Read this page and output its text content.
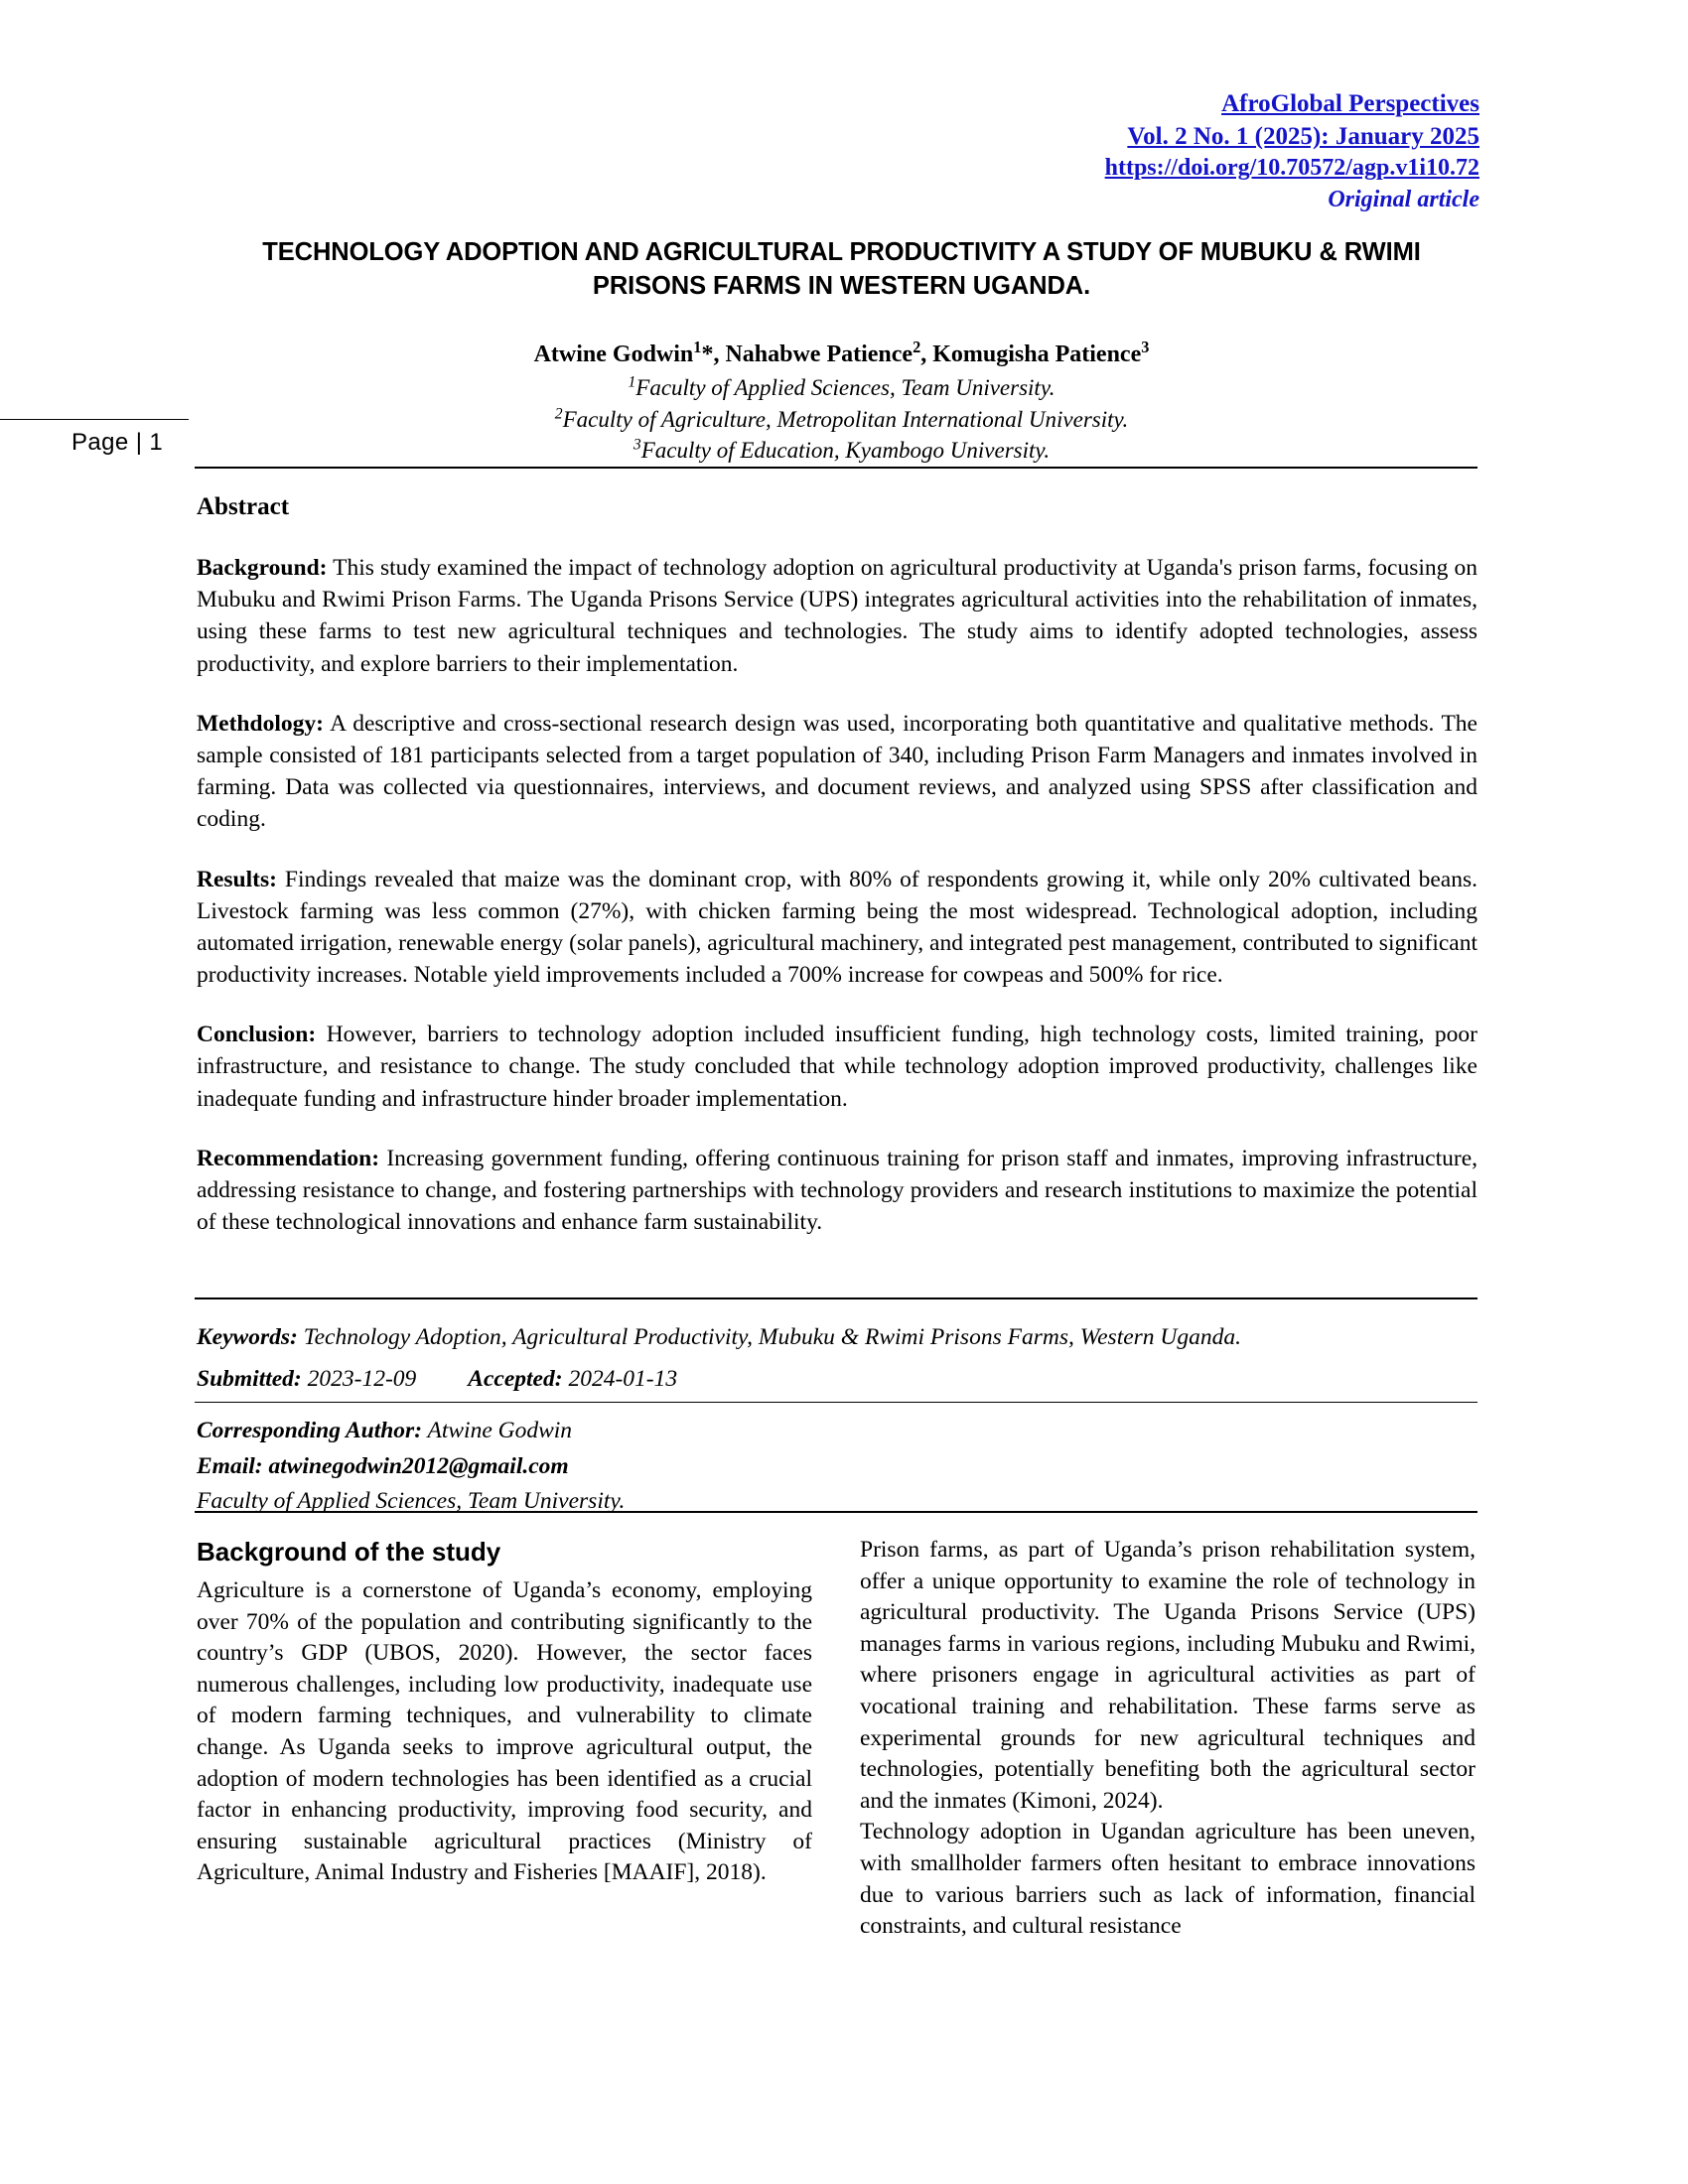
AfroGlobal Perspectives
Vol. 2 No. 1 (2025): January 2025
https://doi.org/10.70572/agp.v1i10.72
Original article
TECHNOLOGY ADOPTION AND AGRICULTURAL PRODUCTIVITY A STUDY OF MUBUKU & RWIMI PRISONS FARMS IN WESTERN UGANDA.
Atwine Godwin$^1$*, Nahabwe Patience$^2$, Komugisha Patience$^3$
$^1$Faculty of Applied Sciences, Team University.
$^2$Faculty of Agriculture, Metropolitan International University.
$^3$Faculty of Education, Kyambogo University.
Page | 1
Abstract

Background: This study examined the impact of technology adoption on agricultural productivity at Uganda's prison farms, focusing on Mubuku and Rwimi Prison Farms. The Uganda Prisons Service (UPS) integrates agricultural activities into the rehabilitation of inmates, using these farms to test new agricultural techniques and technologies. The study aims to identify adopted technologies, assess productivity, and explore barriers to their implementation.

Methdology: A descriptive and cross-sectional research design was used, incorporating both quantitative and qualitative methods. The sample consisted of 181 participants selected from a target population of 340, including Prison Farm Managers and inmates involved in farming. Data was collected via questionnaires, interviews, and document reviews, and analyzed using SPSS after classification and coding.

Results: Findings revealed that maize was the dominant crop, with 80% of respondents growing it, while only 20% cultivated beans. Livestock farming was less common (27%), with chicken farming being the most widespread. Technological adoption, including automated irrigation, renewable energy (solar panels), agricultural machinery, and integrated pest management, contributed to significant productivity increases. Notable yield improvements included a 700% increase for cowpeas and 500% for rice.

Conclusion: However, barriers to technology adoption included insufficient funding, high technology costs, limited training, poor infrastructure, and resistance to change. The study concluded that while technology adoption improved productivity, challenges like inadequate funding and infrastructure hinder broader implementation.

Recommendation: Increasing government funding, offering continuous training for prison staff and inmates, improving infrastructure, addressing resistance to change, and fostering partnerships with technology providers and research institutions to maximize the potential of these technological innovations and enhance farm sustainability.

Keywords: Technology Adoption, Agricultural Productivity, Mubuku & Rwimi Prisons Farms, Western Uganda.
Submitted: 2023-12-09 Accepted: 2024-01-13
Corresponding Author: Atwine Godwin
Email: atwinegodwin2012@gmail.com
Faculty of Applied Sciences, Team University.
Background of the study

Agriculture is a cornerstone of Uganda’s economy, employing over 70% of the population and contributing significantly to the country’s GDP (UBOS, 2020). However, the sector faces numerous challenges, including low productivity, inadequate use of modern farming techniques, and vulnerability to climate change. As Uganda seeks to improve agricultural output, the adoption of modern technologies has been identified as a crucial factor in enhancing productivity, improving food security, and ensuring sustainable agricultural practices (Ministry of Agriculture, Animal Industry and Fisheries [MAAIF], 2018).

Prison farms, as part of Uganda’s prison rehabilitation system, offer a unique opportunity to examine the role of technology in agricultural productivity. The Uganda Prisons Service (UPS) manages farms in various regions, including Mubuku and Rwimi, where prisoners engage in agricultural activities as part of vocational training and rehabilitation. These farms serve as experimental grounds for new agricultural techniques and technologies, potentially benefiting both the agricultural sector and the inmates (Kimoni, 2024).

Technology adoption in Ugandan agriculture has been uneven, with smallholder farmers often hesitant to embrace innovations due to various barriers such as lack of information, financial constraints, and cultural resistance
